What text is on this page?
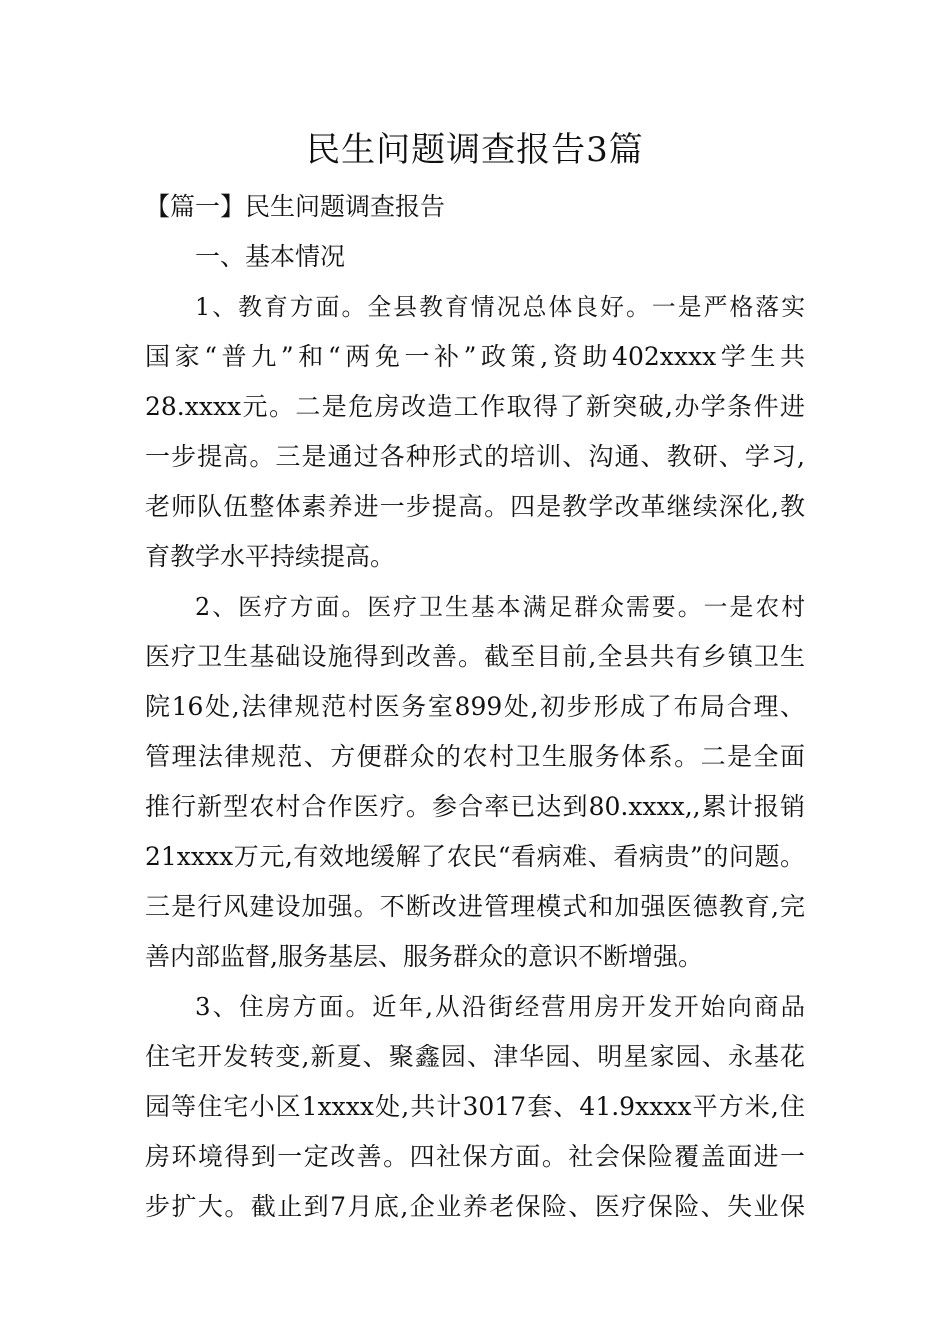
民生问题调查报告3篇

【篇一】民生问题调查报告

一、基本情况

1、教育方面。全县教育情况总体良好。一是严格落实
国家“普九”和“两免一补”政策,资助402xxxx学生共
28.xxxx元。二是危房改造工作取得了新突破,办学条件进
一步提高。三是通过各种形式的培训、沟通、教研、学习,
老师队伍整体素养进一步提高。四是教学改革继续深化,教
育教学水平持续提高。
2、医疗方面。医疗卫生基本满足群众需要。一是农村
医疗卫生基础设施得到改善。截至目前,全县共有乡镇卫生
院16处,法律规范村医务室899处,初步形成了布局合理、
管理法律规范、方便群众的农村卫生服务体系。二是全面
推行新型农村合作医疗。参合率已达到80.xxxx,,累计报销
21xxxx万元,有效地缓解了农民“看病难、看病贵”的问题。
三是行风建设加强。不断改进管理模式和加强医德教育,完
善内部监督,服务基层、服务群众的意识不断增强。
3、住房方面。近年,从沿街经营用房开发开始向商品
住宅开发转变,新夏、聚鑫园、津华园、明星家园、永基花
园等住宅小区1xxxx处,共计3017套、41.9xxxx平方米,住
房环境得到一定改善。四社保方面。社会保险覆盖面进一
步扩大。截止到7月底,企业养老保险、医疗保险、失业保
